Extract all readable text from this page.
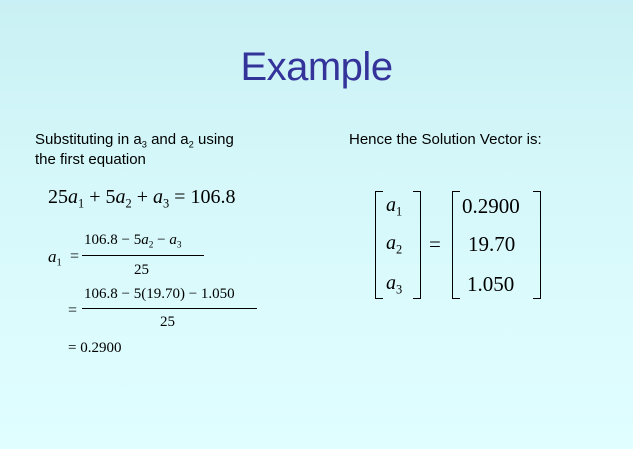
Example
Substituting in $a_3$ and $a_2$ using
the first equation
Hence the Solution Vector is:
$25a_1 + 5a_2 + a_3 = 106.8$
$a_1$ =
$106.8 - 5a_2 - a_3$
25
=
106.8 − 5(19.70) − 1.050
25
= 0.2900
$a_1$
$a_2$
$a_3$
=
0.2900
19.70
1.050
